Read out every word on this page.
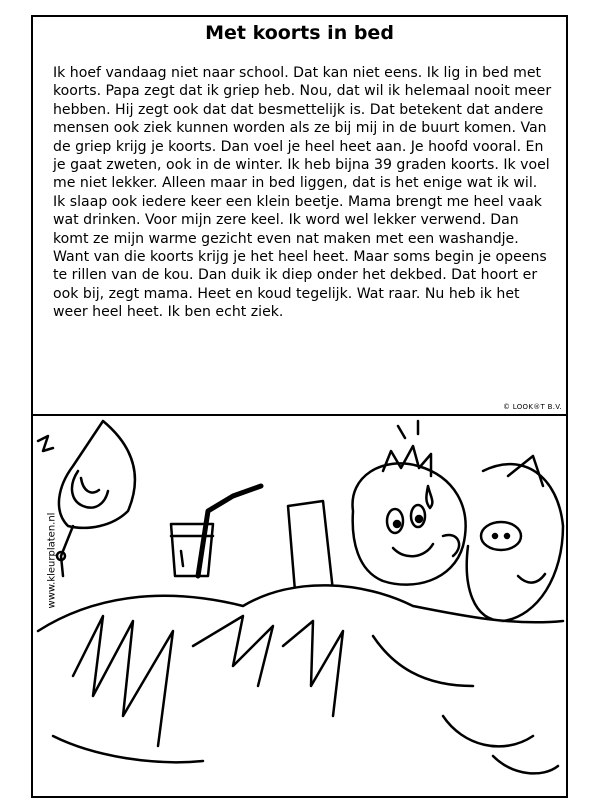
Met koorts in bed

Ik hoef vandaag niet naar school. Dat kan niet eens. Ik lig in bed met koorts. Papa zegt dat ik griep heb. Nou, dat wil ik helemaal nooit meer hebben. Hij zegt ook dat dat besmettelijk is. Dat betekent dat andere mensen ook ziek kunnen worden als ze bij mij in de buurt komen. Van de griep krijg je koorts. Dan voel je heel heet aan. Je hoofd vooral. En je gaat zweten, ook in de winter. Ik heb bijna 39 graden koorts. Ik voel me niet lekker. Alleen maar in bed liggen, dat is het enige wat ik wil. Ik slaap ook iedere keer een klein beetje. Mama brengt me heel vaak wat drinken. Voor mijn zere keel. Ik word wel lekker verwend. Dan komt ze mijn warme gezicht even nat maken met een washandje. Want van die koorts krijg je het heel heet. Maar soms begin je opeens te rillen van de kou. Dan duik ik diep onder het dekbed. Dat hoort er ook bij, zegt mama. Heet en koud tegelijk. Wat raar. Nu heb ik het weer heel heet. Ik ben echt ziek.

© LOOK®T B.V.
www.kleurplaten.nl
